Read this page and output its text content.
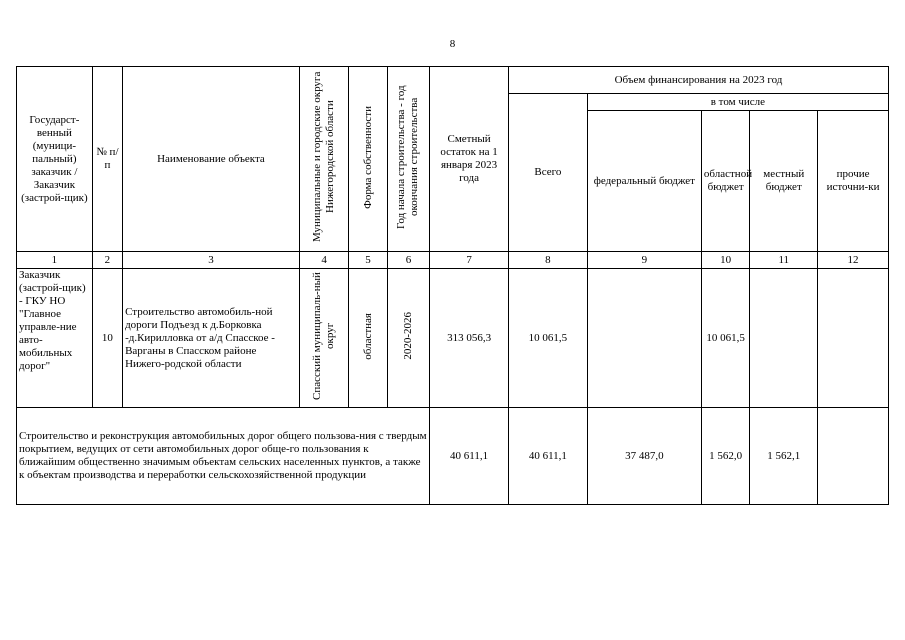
8
Государст-венный (муници-пальный) заказчик / Заказчик (застрой-щик)	№ п/п	Наименование объекта	Муниципальные и городские округа Нижегородской области	Форма собственности	Год начала строительства - год окончания строительства	Сметный остаток на 1 января 2023 года	Объем финансирования на 2023 год				
							Всего	в том числе			
								федеральный бюджет	областной бюджет	местный бюджет	прочие источни-ки
1	2	3	4	5	6	7	8	9	10	11	12
Заказчик (застрой-щик) - ГКУ НО "Главное управле-ние авто-мобильных дорог"	10	Строительство автомобиль-ной дороги Подъезд к д.Борковка -д.Кирилловка от а/д Спасское - Варганы в Спасском районе Нижего-родской области	Спасский муниципаль-ный округ	областная	2020-2026	313 056,3	10 061,5		10 061,5		
Строительство и реконструкция автомобильных дорог общего пользова-ния с твердым покрытием, ведущих от сети автомобильных дорог обще-го пользования к ближайшим общественно значимым объектам сельских населенных пунктов, а также к объектам производства и переработки сельскохозяйственной продукции						40 611,1	40 611,1	37 487,0	1 562,0	1 562,1	
